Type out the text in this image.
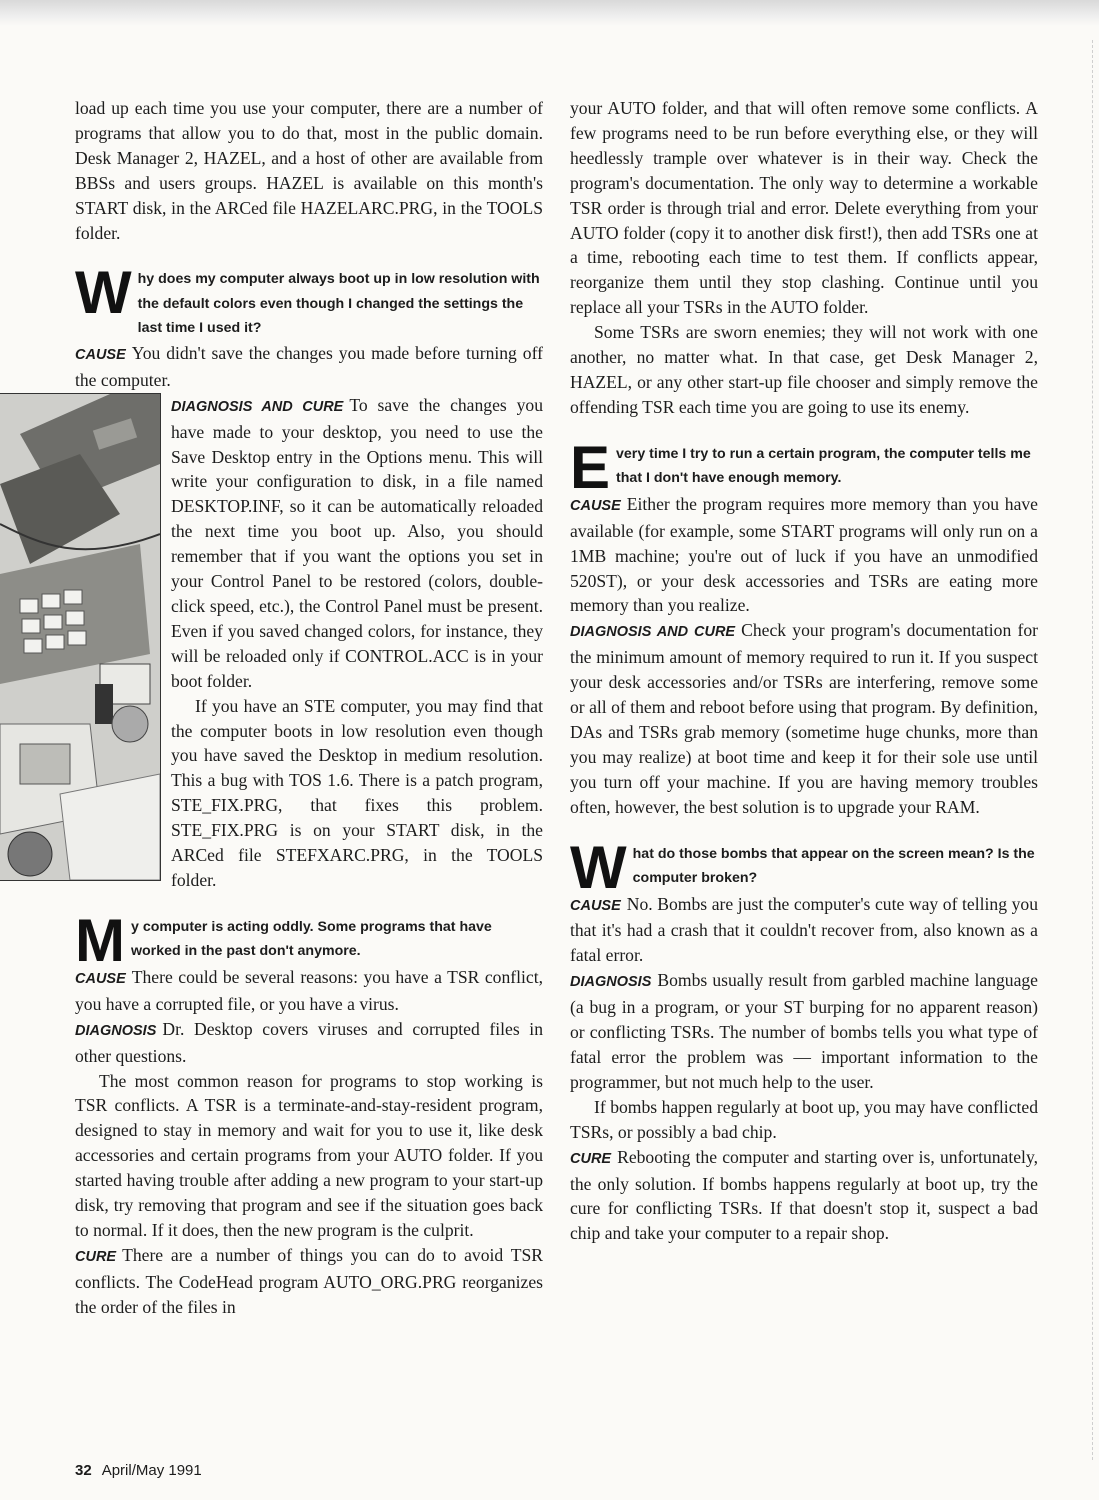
load up each time you use your computer, there are a number of programs that allow you to do that, most in the public domain. Desk Manager 2, HAZEL, and a host of other are available from BBSs and users groups. HAZEL is available on this month's START disk, in the ARCed file HAZELARC.PRG, in the TOOLS folder.

W hy does my computer always boot up in low resolution with the default colors even though I changed the settings the last time I used it?

CAUSE You didn't save the changes you made before turning off the computer.

DIAGNOSIS AND CURE To save the changes you have made to your desktop, you need to use the Save Desktop entry in the Options menu. This will write your configuration to disk, in a file named DESKTOP.INF, so it can be automatically reloaded the next time you boot up. Also, you should remember that if you want the options you set in your Control Panel to be restored (colors, double-click speed, etc.), the Control Panel must be present. Even if you saved changed colors, for instance, they will be reloaded only if CONTROL.ACC is in your boot folder.

If you have an STE computer, you may find that the computer boots in low resolution even though you have saved the Desktop in medium resolution. This a bug with TOS 1.6. There is a patch program, STE_FIX.PRG, that fixes this problem. STE_FIX.PRG is on your START disk, in the ARCed file STEFXARC.PRG, in the TOOLS folder.

M y computer is acting oddly. Some programs that have worked in the past don't anymore.

CAUSE There could be several reasons: you have a TSR conflict, you have a corrupted file, or you have a virus.

DIAGNOSIS Dr. Desktop covers viruses and corrupted files in other questions.

The most common reason for programs to stop working is TSR conflicts. A TSR is a terminate-and-stay-resident program, designed to stay in memory and wait for you to use it, like desk accessories and certain programs from your AUTO folder. If you started having trouble after adding a new program to your start-up disk, try removing that program and see if the situation goes back to normal. If it does, then the new program is the culprit.

CURE There are a number of things you can do to avoid TSR conflicts. The CodeHead program AUTO_ORG.PRG reorganizes the order of the files in

your AUTO folder, and that will often remove some conflicts. A few programs need to be run before everything else, or they will heedlessly trample over whatever is in their way. Check the program's documentation. The only way to determine a workable TSR order is through trial and error. Delete everything from your AUTO folder (copy it to another disk first!), then add TSRs one at a time, rebooting each time to test them. If conflicts appear, reorganize them until they stop clashing. Continue until you replace all your TSRs in the AUTO folder.

Some TSRs are sworn enemies; they will not work with one another, no matter what. In that case, get Desk Manager 2, HAZEL, or any other start-up file chooser and simply remove the offending TSR each time you are going to use its enemy.

E very time I try to run a certain program, the computer tells me that I don't have enough memory.

CAUSE Either the program requires more memory than you have available (for example, some START programs will only run on a 1MB machine; you're out of luck if you have an unmodified 520ST), or your desk accessories and TSRs are eating more memory than you realize.

DIAGNOSIS AND CURE Check your program's documentation for the minimum amount of memory required to run it. If you suspect your desk accessories and/or TSRs are interfering, remove some or all of them and reboot before using that program. By definition, DAs and TSRs grab memory (sometime huge chunks, more than you may realize) at boot time and keep it for their sole use until you turn off your machine. If you are having memory troubles often, however, the best solution is to upgrade your RAM.

W hat do those bombs that appear on the screen mean? Is the computer broken?

CAUSE No. Bombs are just the computer's cute way of telling you that it's had a crash that it couldn't recover from, also known as a fatal error.

DIAGNOSIS Bombs usually result from garbled machine language (a bug in a program, or your ST burping for no apparent reason) or conflicting TSRs. The number of bombs tells you what type of fatal error the problem was — important information to the programmer, but not much help to the user.

If bombs happen regularly at boot up, you may have conflicted TSRs, or possibly a bad chip.

CURE Rebooting the computer and starting over is, unfortunately, the only solution. If bombs happens regularly at boot up, try the cure for conflicting TSRs. If that doesn't stop it, suspect a bad chip and take your computer to a repair shop.

32 April/May 1991
